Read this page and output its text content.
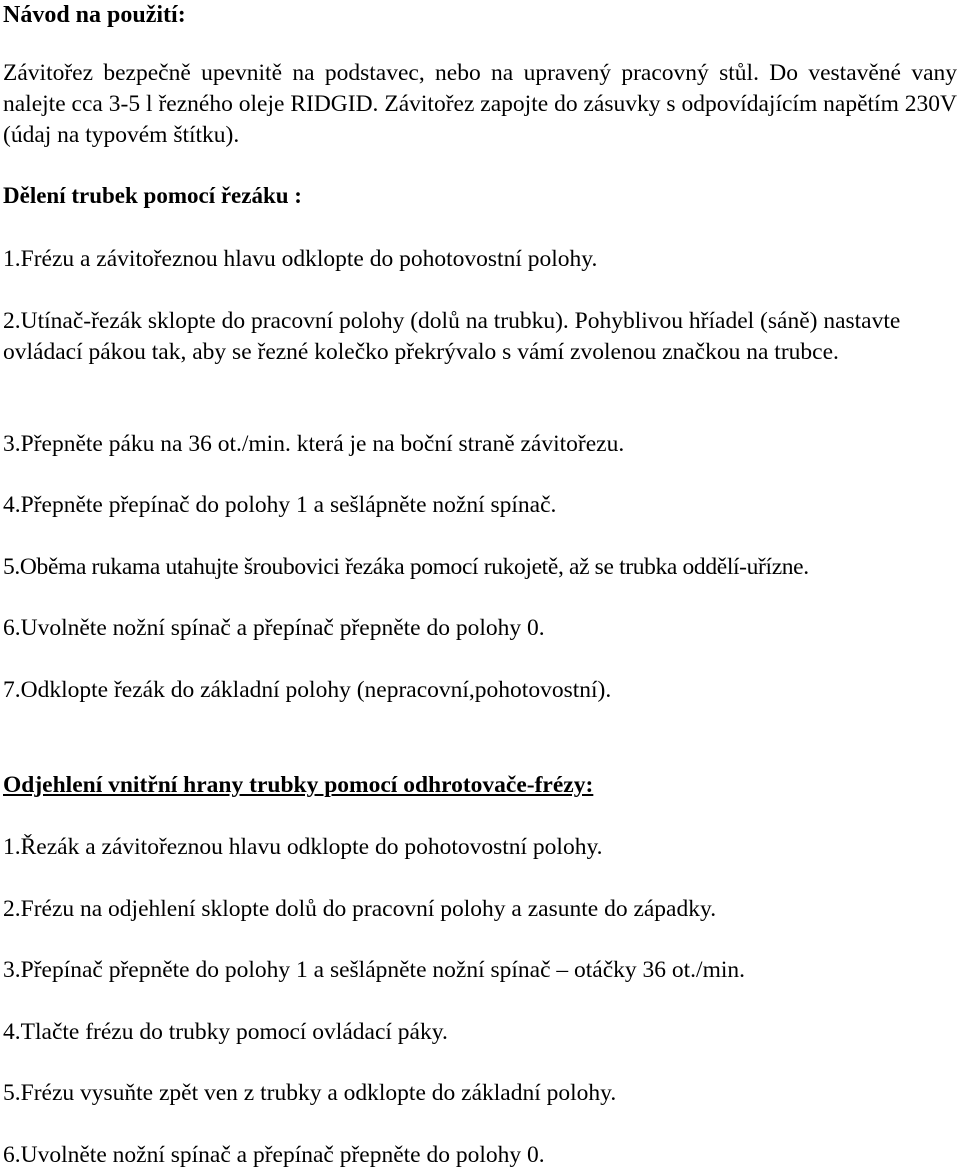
Návod na použití:
Závitořez bezpečně upevnitě na podstavec, nebo na upravený pracovný stůl. Do vestavěné vany nalejte cca 3-5 l řezného oleje RIDGID. Závitořez zapojte do zásuvky s odpovídajícím napětím 230V (údaj na typovém štítku).
Dělení trubek pomocí řezáku :
1.Frézu a závitořeznou hlavu odklopte do pohotovostní polohy.
2.Utínač-řezák sklopte do pracovní polohy (dolů na trubku). Pohyblivou hříadel (sáně) nastavte ovládací pákou tak, aby se řezné kolečko překrývalo s vámí zvolenou značkou na trubce.
3.Přepněte páku na 36 ot./min. která je na boční straně závitořezu.
4.Přepněte přepínač do polohy 1 a sešlápněte nožní spínač.
5.Oběma rukama utahujte šroubovici řezáka pomocí rukojetě, až se trubka oddělí-uřízne.
6.Uvolněte nožní spínač a přepínač přepněte do polohy 0.
7.Odklopte řezák do základní polohy (nepracovní,pohotovostní).
Odjehlení vnitřní hrany trubky pomocí odhrotovače-frézy:
1.Řezák a závitořeznou hlavu odklopte do pohotovostní polohy.
2.Frézu na odjehlení sklopte dolů do pracovní polohy a zasunte do západky.
3.Přepínač přepněte do polohy 1 a sešlápněte nožní spínač – otáčky 36 ot./min.
4.Tlačte frézu do trubky pomocí ovládací páky.
5.Frézu vysuňte zpět ven z trubky a odklopte do základní polohy.
6.Uvolněte nožní spínač a přepínač přepněte do polohy 0.
